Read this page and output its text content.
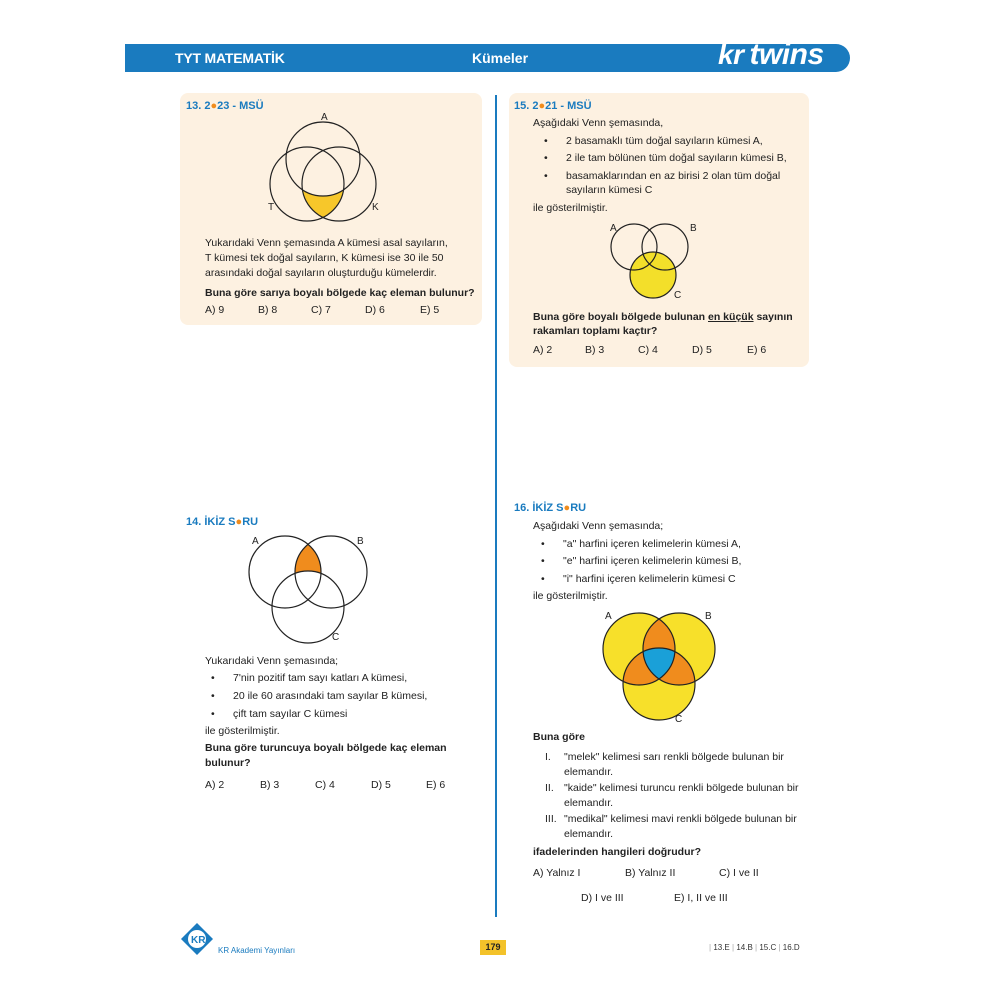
TYT MATEMATİK	Kümeler	kr twins
13. 2●23 - MSÜ
A
T	K
Yukarıdaki Venn şemasında A kümesi asal sayıların,
T kümesi tek doğal sayıların, K kümesi ise 30 ile 50
arasındaki doğal sayıların oluşturduğu kümelerdir.
Buna göre sarıya boyalı bölgede kaç eleman bulunur?
A) 9	B) 8	C) 7	D) 6	E) 5
15. 2●21 - MSÜ
Aşağıdaki Venn şemasında,
• 2 basamaklı tüm doğal sayıların kümesi A,
• 2 ile tam bölünen tüm doğal sayıların kümesi B,
• basamaklarından en az birisi 2 olan tüm doğal
sayıların kümesi C
ile gösterilmiştir.
A	B
C
Buna göre boyalı bölgede bulunan en küçük sayının
rakamları toplamı kaçtır?
A) 2	B) 3	C) 4	D) 5	E) 6
14. İKİZ S●RU
A	B
C
Yukarıdaki Venn şemasında;
• 7'nin pozitif tam sayı katları A kümesi,
• 20 ile 60 arasındaki tam sayılar B kümesi,
• çift tam sayılar C kümesi
ile gösterilmiştir.
Buna göre turuncuya boyalı bölgede kaç eleman
bulunur?
A) 2	B) 3	C) 4	D) 5	E) 6
16. İKİZ S●RU
Aşağıdaki Venn şemasında;
• "a" harfini içeren kelimelerin kümesi A,
• "e" harfini içeren kelimelerin kümesi B,
• "i" harfini içeren kelimelerin kümesi C
ile gösterilmiştir.
A	B
C
Buna göre
I. "melek" kelimesi sarı renkli bölgede bulunan bir
elemandır.
II. "kaide" kelimesi turuncu renkli bölgede bulunan bir
elemandır.
III. "medikal" kelimesi mavi renkli bölgede bulunan bir
elemandır.
ifadelerinden hangileri doğrudur?
A) Yalnız I	B) Yalnız II	C) I ve II
D) I ve III	E) I, II ve III
KR
KR Akademi Yayınları	179	| 13.E | 14.B | 15.C | 16.D
